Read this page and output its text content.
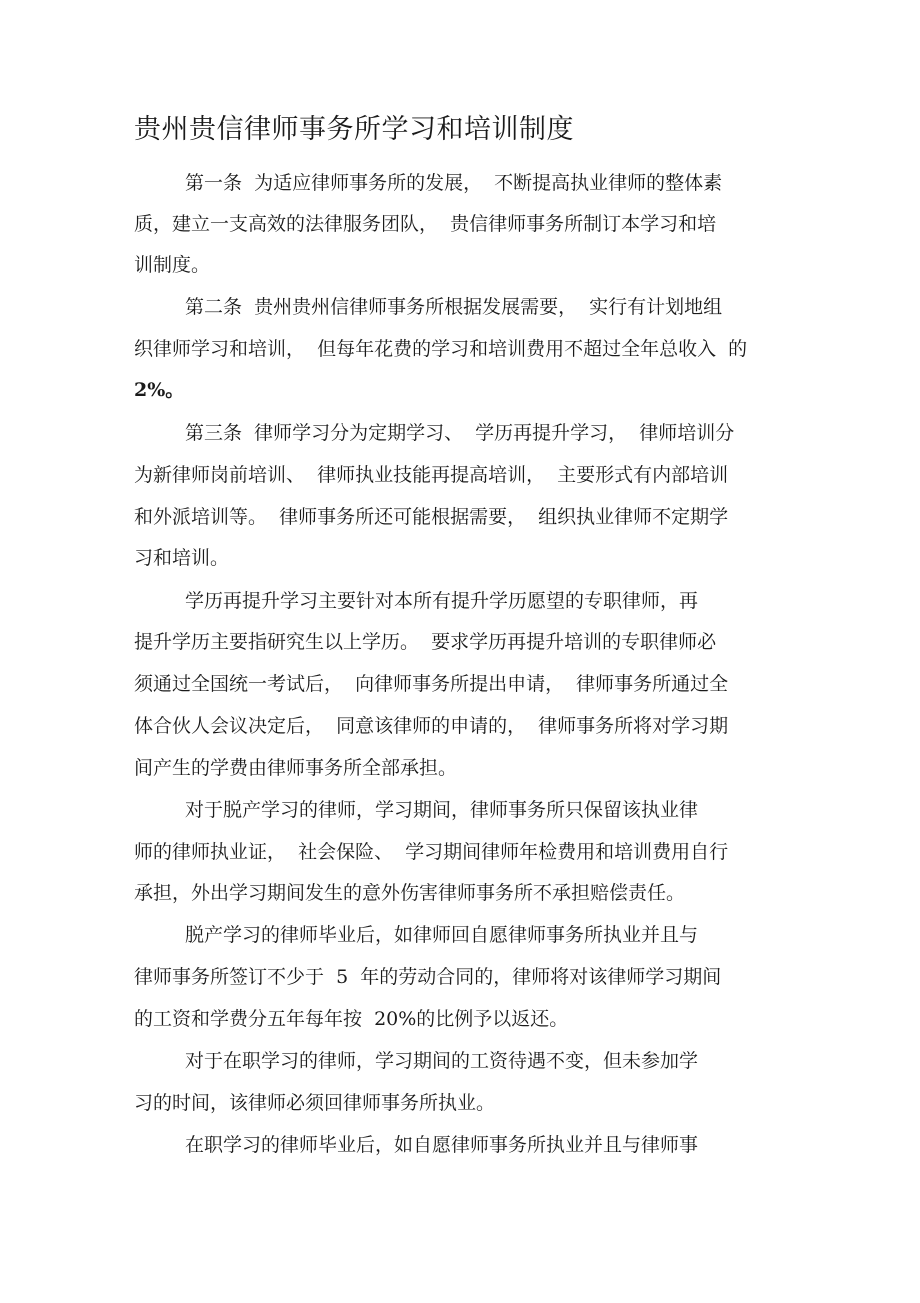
贵州贵信律师事务所学习和培训制度
第一条  为适应律师事务所的发展，  不断提高执业律师的整体素
质，建立一支高效的法律服务团队，  贵信律师事务所制订本学习和培
训制度。
第二条  贵州贵州信律师事务所根据发展需要，  实行有计划地组
织律师学习和培训，  但每年花费的学习和培训费用不超过全年总收入  的
2%。
第三条  律师学习分为定期学习、  学历再提升学习，  律师培训分
为新律师岗前培训、  律师执业技能再提高培训，  主要形式有内部培训
和外派培训等。  律师事务所还可能根据需要，  组织执业律师不定期学
习和培训。
学历再提升学习主要针对本所有提升学历愿望的专职律师，再
提升学历主要指研究生以上学历。  要求学历再提升培训的专职律师必
须通过全国统一考试后，  向律师事务所提出申请，  律师事务所通过全
体合伙人会议决定后，  同意该律师的申请的，  律师事务所将对学习期
间产生的学费由律师事务所全部承担。
对于脱产学习的律师，学习期间，律师事务所只保留该执业律
师的律师执业证，  社会保险、  学习期间律师年检费用和培训费用自行
承担，外出学习期间发生的意外伤害律师事务所不承担赔偿责任。
脱产学习的律师毕业后，如律师回自愿律师事务所执业并且与
律师事务所签订不少于  5  年的劳动合同的，律师将对该律师学习期间
的工资和学费分五年每年按  20%的比例予以返还。
对于在职学习的律师，学习期间的工资待遇不变，但未参加学
习的时间，该律师必须回律师事务所执业。
在职学习的律师毕业后，如自愿律师事务所执业并且与律师事
